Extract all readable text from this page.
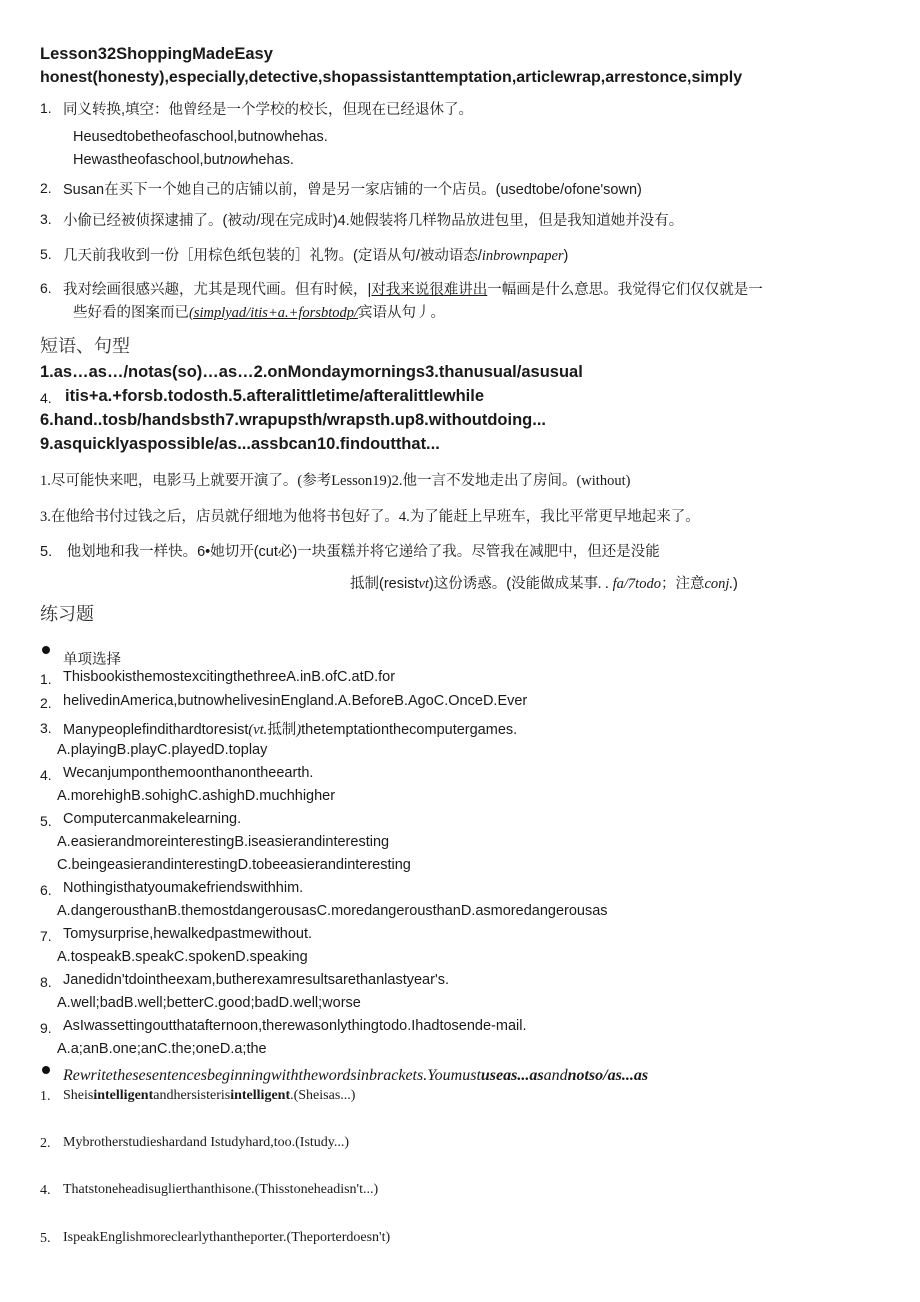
Lesson32ShoppingMadeEasy
honest(honesty),especially,detective,shopassistanttemptation,articlewrap,arrestonce,simply
1. 同义转换,填空：他曾经是一个学校的校长，但现在已经退休了。
Heusedtobetheofaschool,butnowhehas.
Hewastheofaschool,butnowhehas.
2. Susan在买下一个她自己的店铺以前，曾是另一家店铺的一个店员。(usedtobe/ofone'sown)
3. 小偷已经被侦探逮捕了。(被动/现在完成时)4.她假装将几样物品放进包里，但是我知道她并没有。
5. 几天前我收到一份［用棕色纸包装的］礼物。(定语从句/被动语态/inbrownpaper)
6. 我对绘画很感兴趣，尤其是现代画。但有时候，|对我来说很难讲出一幅画是什么意思。我觉得它们仅仅就是一
些好看的图案而已(simplyad/itis+a.+forsbtodp/宾语从句丿。
短语、句型
1.as…as…/notas(so)…as…2.onMondaymornings3.thanusual/asusual
4. itis+a.+forsb.todosth.5.afteralittletime/afteralittlewhile
6.hand..tosb/handsbsth7.wrapupsth/wrapsth.up8.withoutdoing...
9.asquicklyaspossible/as...assbcan10.findoutthat...
1.尽可能快来吧，电影马上就要开演了。(参考Lesson19)2.他一言不发地走出了房间。(without)
3.在他给书付过钱之后，店员就仔细地为他将书包好了。4.为了能赶上早班车，我比平常更早地起来了。
5.　他划地和我一样快。6•她切开(cut必)一块蛋糕并将它递给了我。尽管我在减肥中，但还是没能
抵制(resistvt)这份诱惑。(没能做成某事. . fa/7todo；注意conj.)
练习题
单项选择
1. ThisbookisthemostexcitingthethreeA.inB.ofC.atD.for
2. helivedinAmerica,butnowhelivesinEngland.A.BeforeB.AgoC.OnceD.Ever
3. Manypeoplefindithardtoresist(vt.抵制)thetemptationthecomputergames.
A.playingB.playC.playedD.toplay
4. Wecanjumponthemoonthanontheearth.
A.morehighB.sohighC.ashighD.muchhigher
5. Computercanmakelearning.
A.easierandmoreinterestingB.iseasierandinteresting
C.beingeasierandinterestingD.tobeeasierandinteresting
6. Nothingisthatyoumakefriendswithhim.
A.dangerousthanB.themostdangerousasC.moredangerousthanD.asmoredangerousas
7. Tomysurprise,hewalkedpastmewithout.
A.tospeakB.speakC.spokenD.speaking
8. Janedidn'tdointheexam,butherexamresultsarethanlastyear's.
A.well;badB.well;betterC.good;badD.well;worse
9. AsIwassettingoutthatafternoon,therewasonlythingtodo.Ihadtosende-mail.
A.a;anB.one;anC.the;oneD.a;the
Rewritethesesentencesbeginningwiththewordsinbrackets.Youmustuseas...asandnotso/as...as
1. Sheisintelligentandhersisterisintelligent.(Sheisas...)
2. Mybrotherstudieshardand Istudyhard,too.(Istudy...)
4. Thatstoneheadisuglierthanthisone.(Thisstoneheadisn't...)
5. IspeakEnglishmoreclearlythantheporter.(Theporterdoesn't)
